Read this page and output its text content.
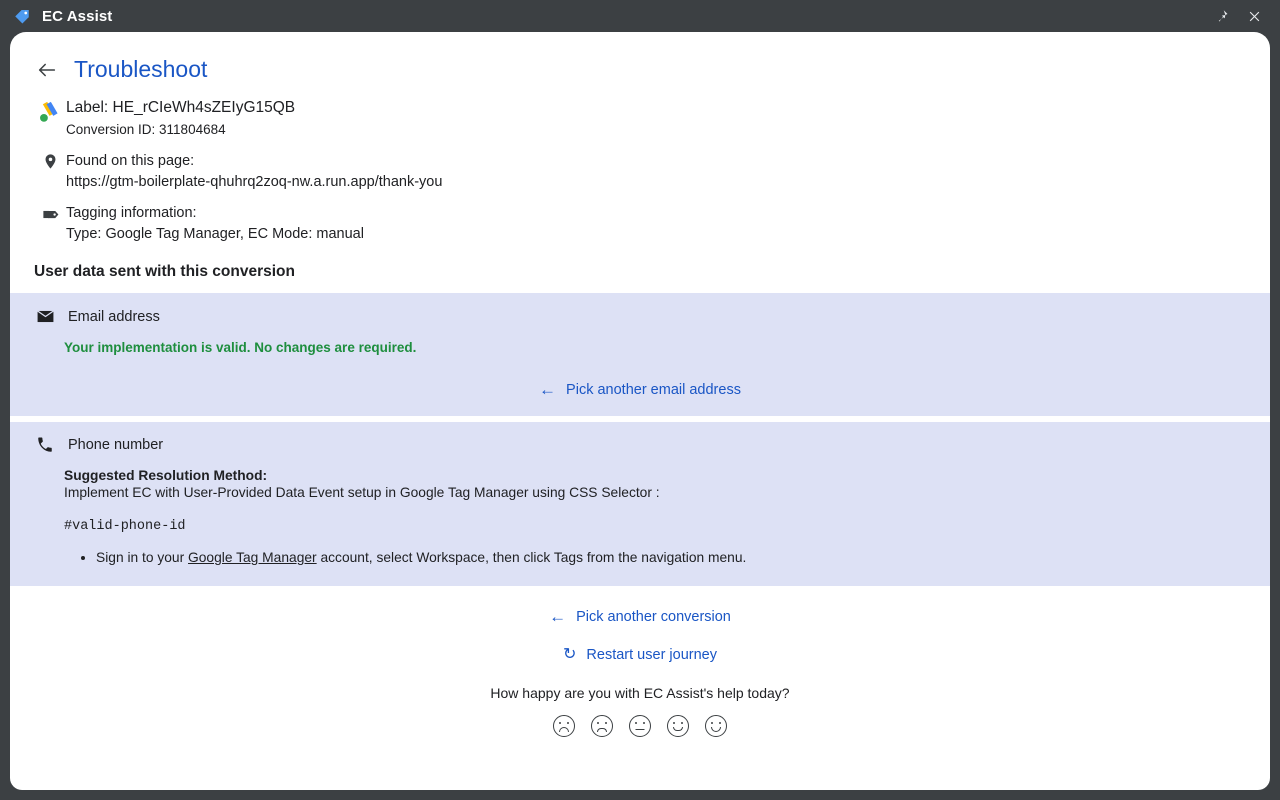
EC Assist
Troubleshoot
Label: HE_rCIeWh4sZEIyG15QB
Conversion ID: 311804684
Found on this page:
https://gtm-boilerplate-qhuhrq2zoq-nw.a.run.app/thank-you
Tagging information:
Type: Google Tag Manager, EC Mode: manual
User data sent with this conversion
Email address
Your implementation is valid. No changes are required.
← Pick another email address
Phone number
Suggested Resolution Method:
Implement EC with User-Provided Data Event setup in Google Tag Manager using CSS Selector :
#valid-phone-id
• Sign in to your Google Tag Manager account, select Workspace, then click Tags from the navigation menu.
← Pick another conversion
↻ Restart user journey
How happy are you with EC Assist's help today?
